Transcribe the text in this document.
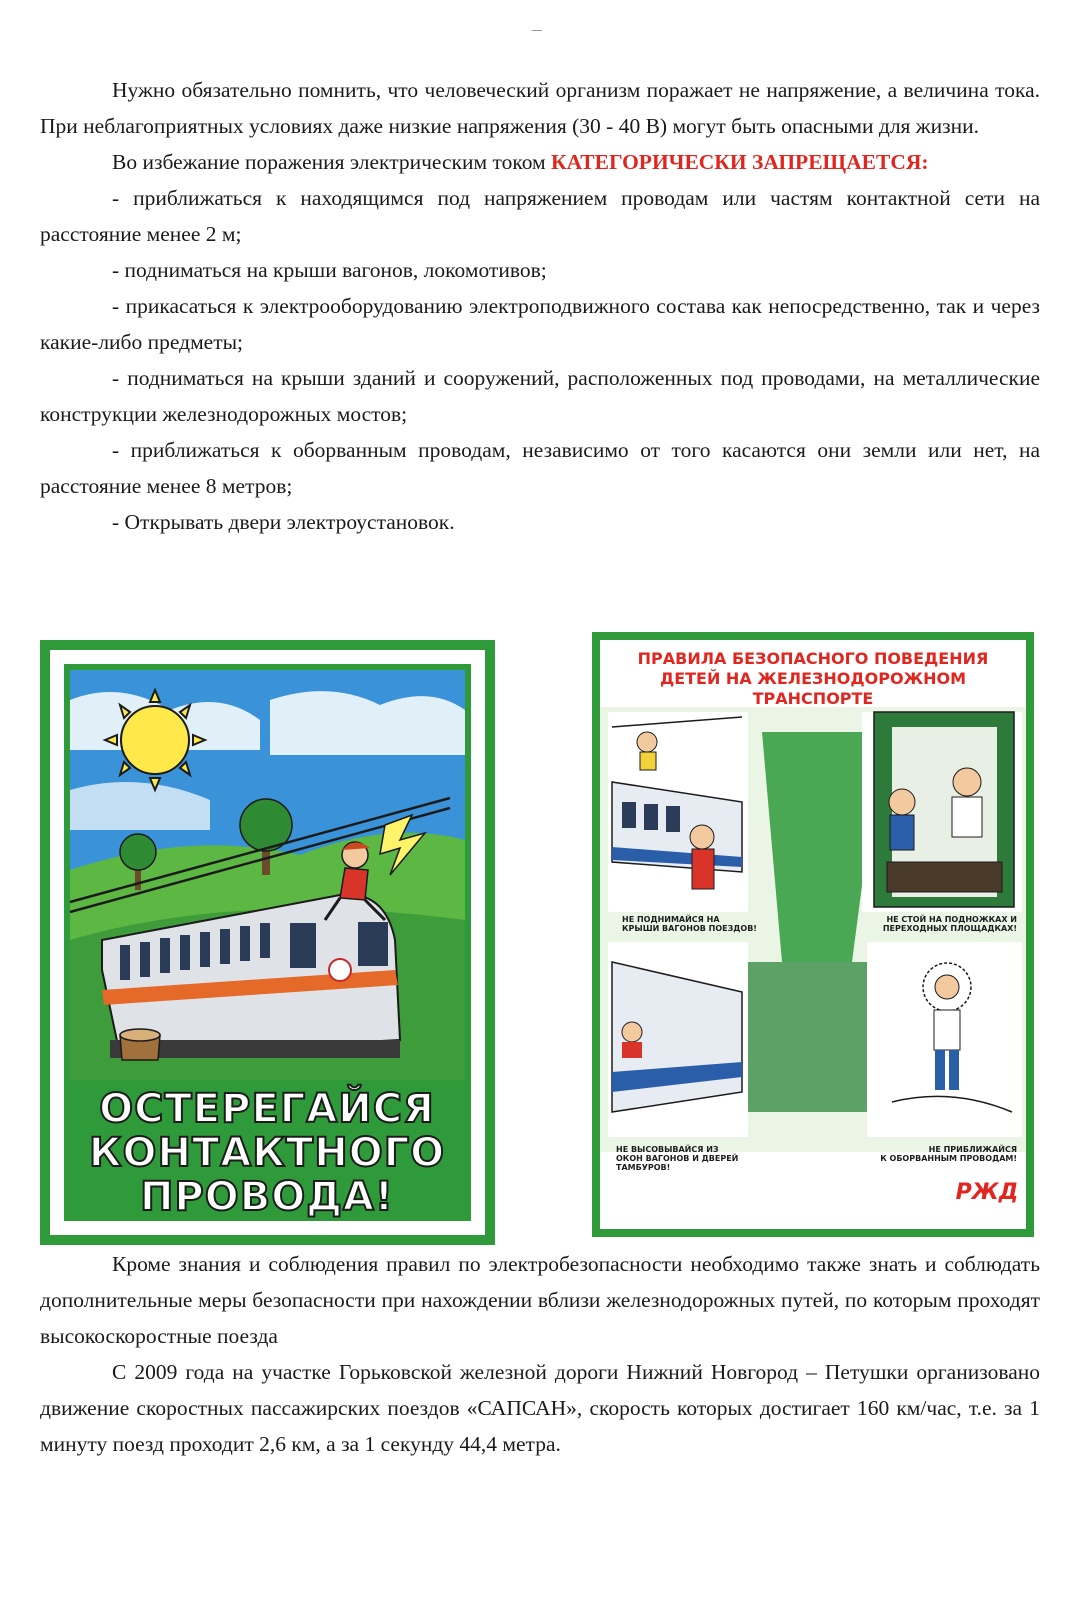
Нужно обязательно помнить, что человеческий организм поражает не напряжение, а величина тока. При неблагоприятных условиях даже низкие напряжения (30 - 40 В) могут быть опасными для жизни.

Во избежание поражения электрическим током КАТЕГОРИЧЕСКИ ЗАПРЕЩАЕТСЯ:

- приближаться к находящимся под напряжением проводам или частям контактной сети на расстояние менее 2 м;

- подниматься на крыши вагонов, локомотивов;

- прикасаться к электрооборудованию электроподвижного состава как непосредственно, так и через какие-либо предметы;

- подниматься на крыши зданий и сооружений, расположенных под проводами, на металлические конструкции железнодорожных мостов;

- приближаться к оборванным проводам, независимо от того касаются они земли или нет, на расстояние менее 8 метров;

- Открывать двери электроустановок.

ОСТЕРЕГАЙСЯ
КОНТАКТНОГО
ПРОВОДА!
ПРАВИЛА БЕЗОПАСНОГО ПОВЕДЕНИЯ
ДЕТЕЙ НА ЖЕЛЕЗНОДОРОЖНОМ
ТРАНСПОРТЕ
НЕ ПОДНИМАЙСЯ НА
КРЫШИ ВАГОНОВ ПОЕЗДОВ!
НЕ СТОЙ НА ПОДНОЖКАХ И
ПЕРЕХОДНЫХ ПЛОЩАДКАХ!
НЕ ВЫСОВЫВАЙСЯ ИЗ
ОКОН ВАГОНОВ И ДВЕРЕЙ
ТАМБУРОВ!
НЕ ПРИБЛИЖАЙСЯ
К ОБОРВАННЫМ ПРОВОДАМ!
РЖД

Кроме знания и соблюдения правил по электробезопасности необходимо также знать и соблюдать дополнительные меры безопасности при нахождении вблизи железнодорожных путей, по которым проходят высокоскоростные поезда

С 2009 года на участке Горьковской железной дороги Нижний Новгород – Петушки организовано движение скоростных пассажирских поездов «САПСАН», скорость которых достигает 160 км/час, т.е. за 1 минуту поезд проходит 2,6 км, а за 1 секунду 44,4 метра.
